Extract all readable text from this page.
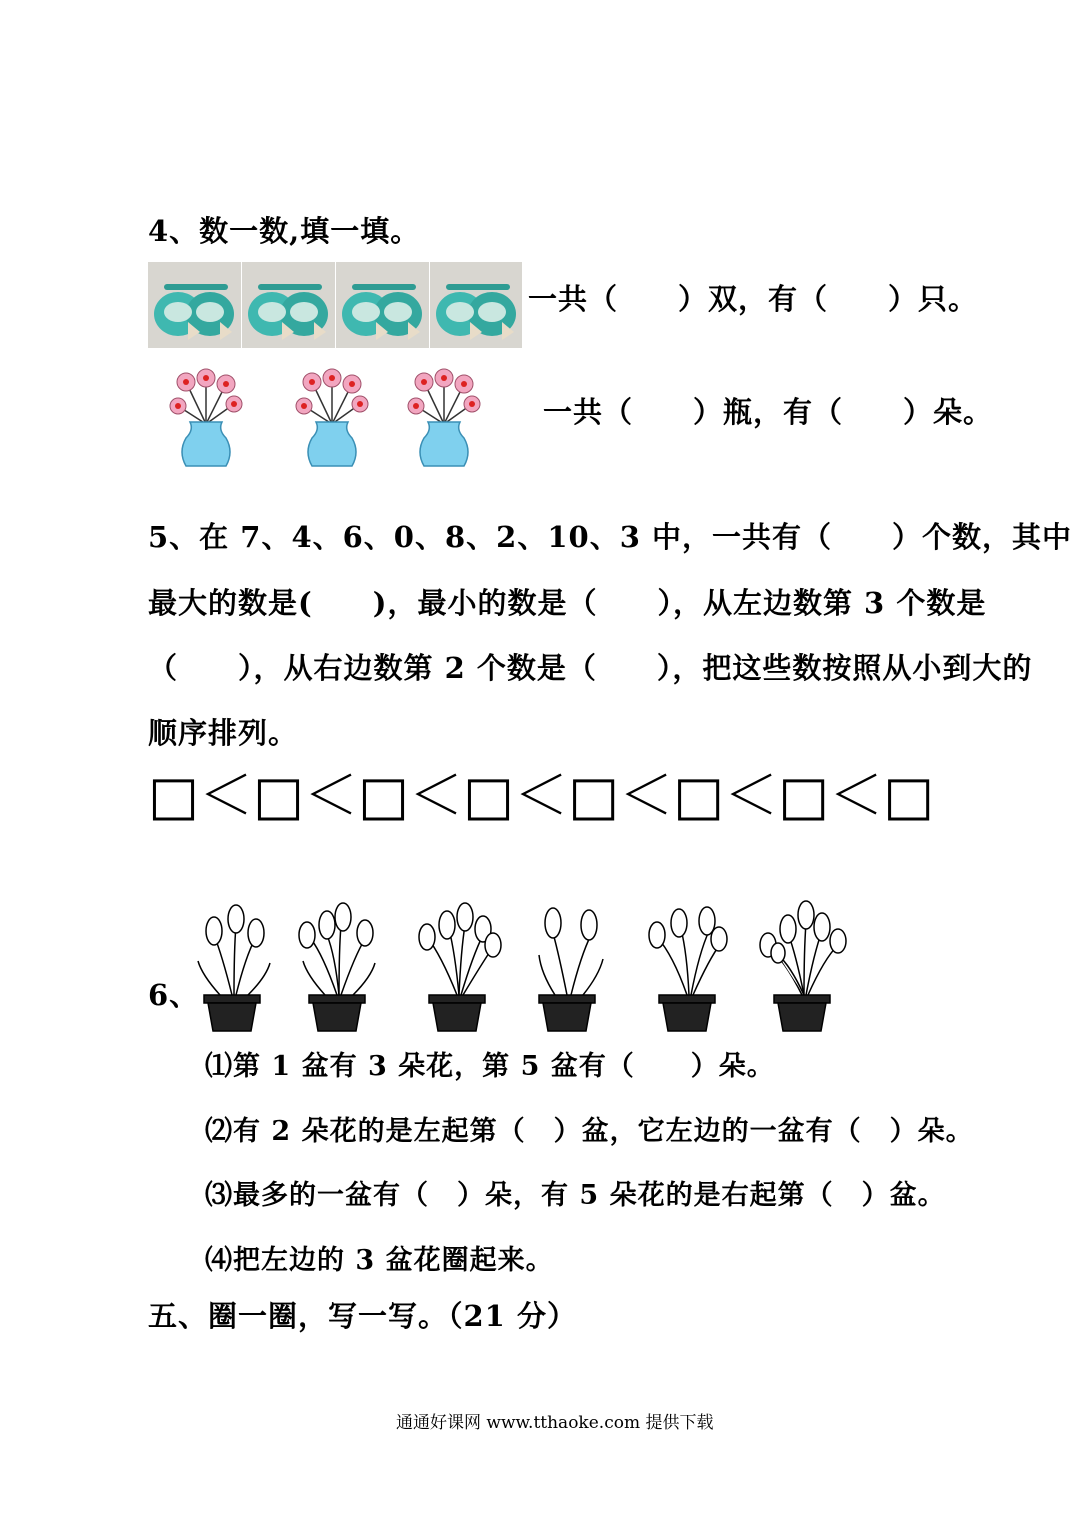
4、数一数,填一填。
一共（　　）双，有（　　）只。
一共（　　）瓶，有（　　）朵。
5、在 7、4、6、0、8、2、10、3 中，一共有（　　）个数，其中
最大的数是(　　)，最小的数是（　　），从左边数第 3 个数是
（　　），从右边数第 2 个数是（　　），把这些数按照从小到大的
顺序排列。
□＜□＜□＜□＜□＜□＜□＜□
6、
⑴第 1 盆有 3 朵花，第 5 盆有（　　）朵。
⑵有 2 朵花的是左起第（　）盆，它左边的一盆有（　）朵。
⑶最多的一盆有（　）朵，有 5 朵花的是右起第（　）盆。
⑷把左边的 3 盆花圈起来。
五、圈一圈，写一写。（21 分）
通通好课网 www.tthaoke.com 提供下载
